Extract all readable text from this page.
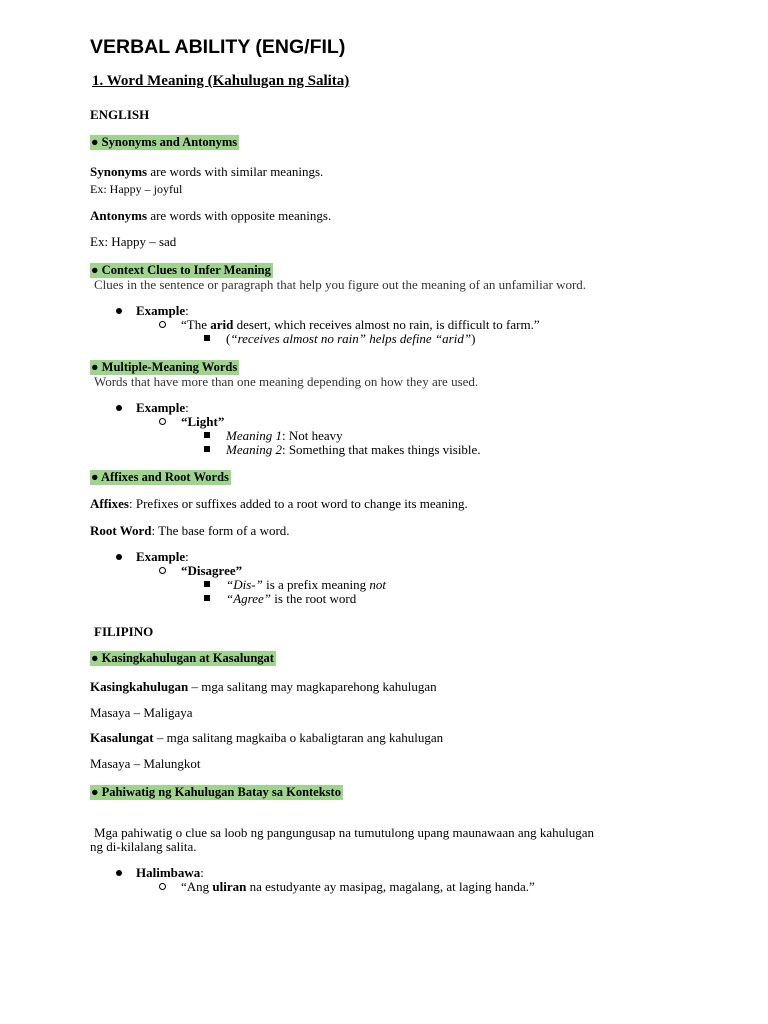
VERBAL ABILITY (ENG/FIL)
1. Word Meaning (Kahulugan ng Salita)
ENGLISH
● Synonyms and Antonyms
Synonyms are words with similar meanings.
Ex: Happy – joyful
Antonyms are words with opposite meanings.
Ex: Happy – sad
● Context Clues to Infer Meaning
Clues in the sentence or paragraph that help you figure out the meaning of an unfamiliar word.
Example:
“The arid desert, which receives almost no rain, is difficult to farm.”
(“receives almost no rain” helps define “arid”)
● Multiple-Meaning Words
Words that have more than one meaning depending on how they are used.
Example:
“Light”
Meaning 1: Not heavy
Meaning 2: Something that makes things visible.
● Affixes and Root Words
Affixes: Prefixes or suffixes added to a root word to change its meaning.
Root Word: The base form of a word.
Example:
“Disagree”
“Dis-” is a prefix meaning not
“Agree” is the root word
FILIPINO
● Kasingkahulugan at Kasalungat
Kasingkahulugan – mga salitang may magkaparehong kahulugan
Masaya – Maligaya
Kasalungat – mga salitang magkaiba o kabaligtaran ang kahulugan
Masaya – Malungkot
● Pahiwatig ng Kahulugan Batay sa Konteksto
Mga pahiwatig o clue sa loob ng pangungusap na tumutulong upang maunawaan ang kahulugan
ng di-kilalang salita.
Halimbawa:
“Ang uliran na estudyante ay masipag, magalang, at laging handa.”
